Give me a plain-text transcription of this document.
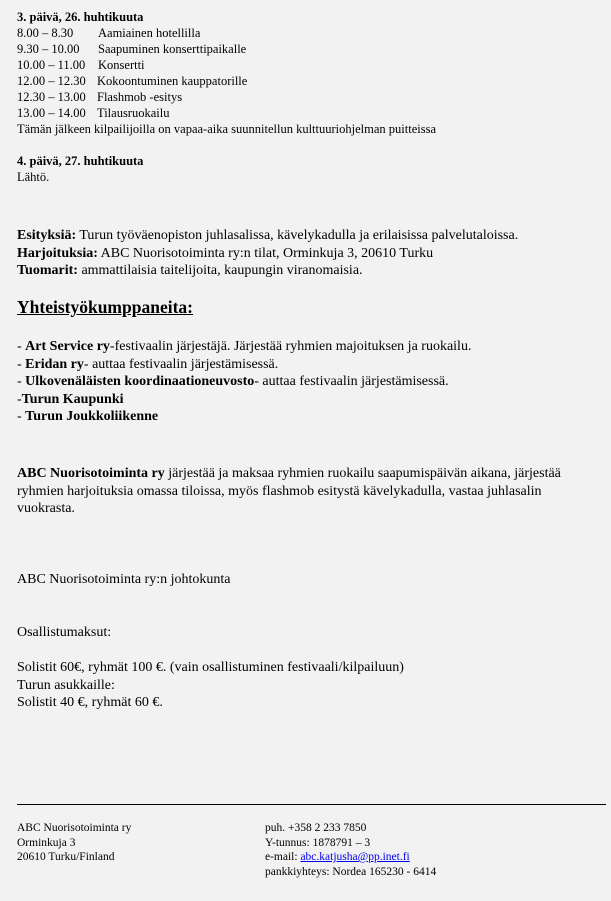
3. päivä, 26. huhtikuuta
8.00 – 8.30 Aamiainen hotellilla
9.30 – 10.00 Saapuminen konserttipaikalle
10.00 – 11.00 Konsertti
12.00 – 12.30 Kokoontuminen kauppatorille
12.30 – 13.00 Flashmob -esitys
13.00 – 14.00 Tilausruokailu
Tämän jälkeen kilpailijoilla on vapaa-aika suunnitellun kulttuuriohjelman puitteissa
4. päivä, 27. huhtikuuta
Lähtö.
Esityksiä: Turun työväenopiston juhlasalissa, kävelykadulla ja erilaisissa palvelutaloissa.
Harjoituksia: ABC Nuorisotoiminta ry:n tilat, Orminkuja 3, 20610 Turku
Tuomarit: ammattilaisia taitelijoita, kaupungin viranomaisia.
Yhteistyökumppaneita:
- Art Service ry-festivaalin järjestäjä. Järjestää ryhmien majoituksen ja ruokailu.
- Eridan ry- auttaa festivaalin järjestämisessä.
- Ulkovenäläisten koordinaationeuvosto- auttaa festivaalin järjestämisessä.
-Turun Kaupunki
- Turun Joukkoliikenne
ABC Nuorisotoiminta ry järjestää ja maksaa ryhmien ruokailu saapumispäivän aikana, järjestää ryhmien harjoituksia omassa tiloissa, myös flashmob esitystä kävelykadulla, vastaa juhlasalin vuokrasta.
ABC Nuorisotoiminta ry:n johtokunta
Osallistumaksut:
Solistit 60€, ryhmät 100 €. (vain osallistuminen festivaali/kilpailuun)
Turun asukkaille:
Solistit 40 €, ryhmät 60 €.
ABC Nuorisotoiminta ry
Orminkuja 3
20610 Turku/Finland
puh. +358 2 233 7850
Y-tunnus: 1878791 – 3
e-mail: abc.katjusha@pp.inet.fi
pankkiyhteys: Nordea 165230 - 6414
